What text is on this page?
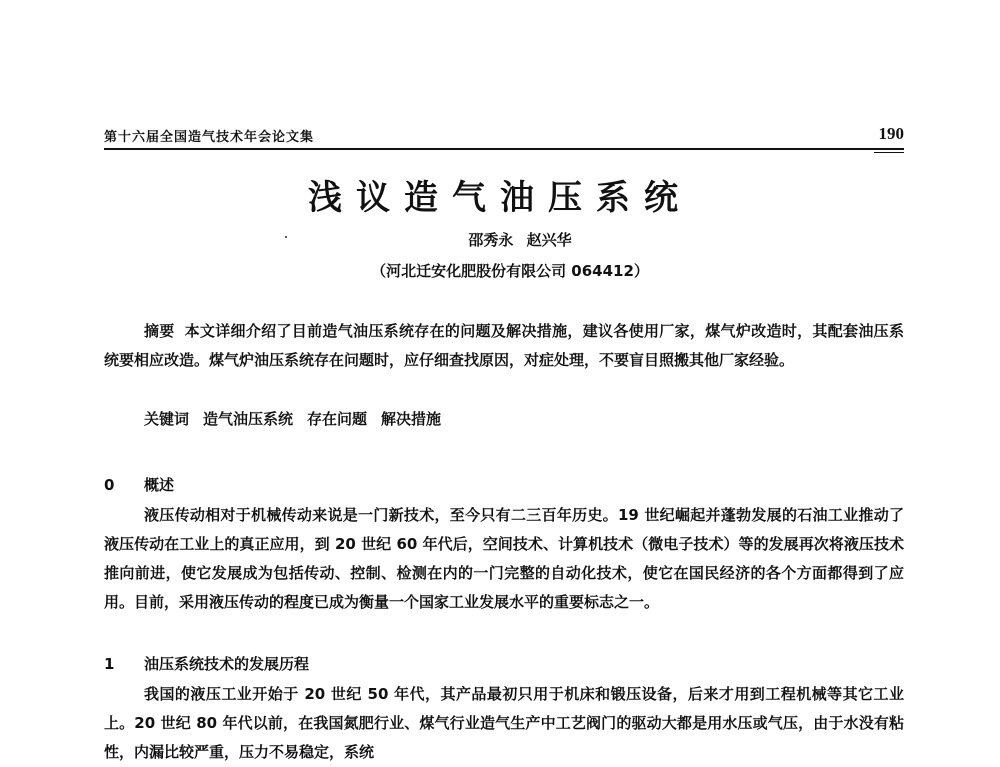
第十六届全国造气技术年会论文集	190
浅议造气油压系统
邵秀永 赵兴华
（河北迁安化肥股份有限公司 064412）

摘要 本文详细介绍了目前造气油压系统存在的问题及解决措施，建议各使用厂家，煤气炉改造时，其配套油压系统要相应改造。煤气炉油压系统存在问题时，应仔细查找原因，对症处理，不要盲目照搬其他厂家经验。

关键词 造气油压系统 存在问题 解决措施
0 概述

液压传动相对于机械传动来说是一门新技术，至今只有二三百年历史。19 世纪崛起并蓬勃发展的石油工业推动了液压传动在工业上的真正应用，到 20 世纪 60 年代后，空间技术、计算机技术（微电子技术）等的发展再次将液压技术推向前进，使它发展成为包括传动、控制、检测在内的一门完整的自动化技术，使它在国民经济的各个方面都得到了应用。目前，采用液压传动的程度已成为衡量一个国家工业发展水平的重要标志之一。

1 油压系统技术的发展历程

我国的液压工业开始于 20 世纪 50 年代，其产品最初只用于机床和锻压设备，后来才用到工程机械等其它工业上。20 世纪 80 年代以前，在我国氮肥行业、煤气行业造气生产中工艺阀门的驱动大都是用水压或气压，由于水没有粘性，内漏比较严重，压力不易稳定，系统
